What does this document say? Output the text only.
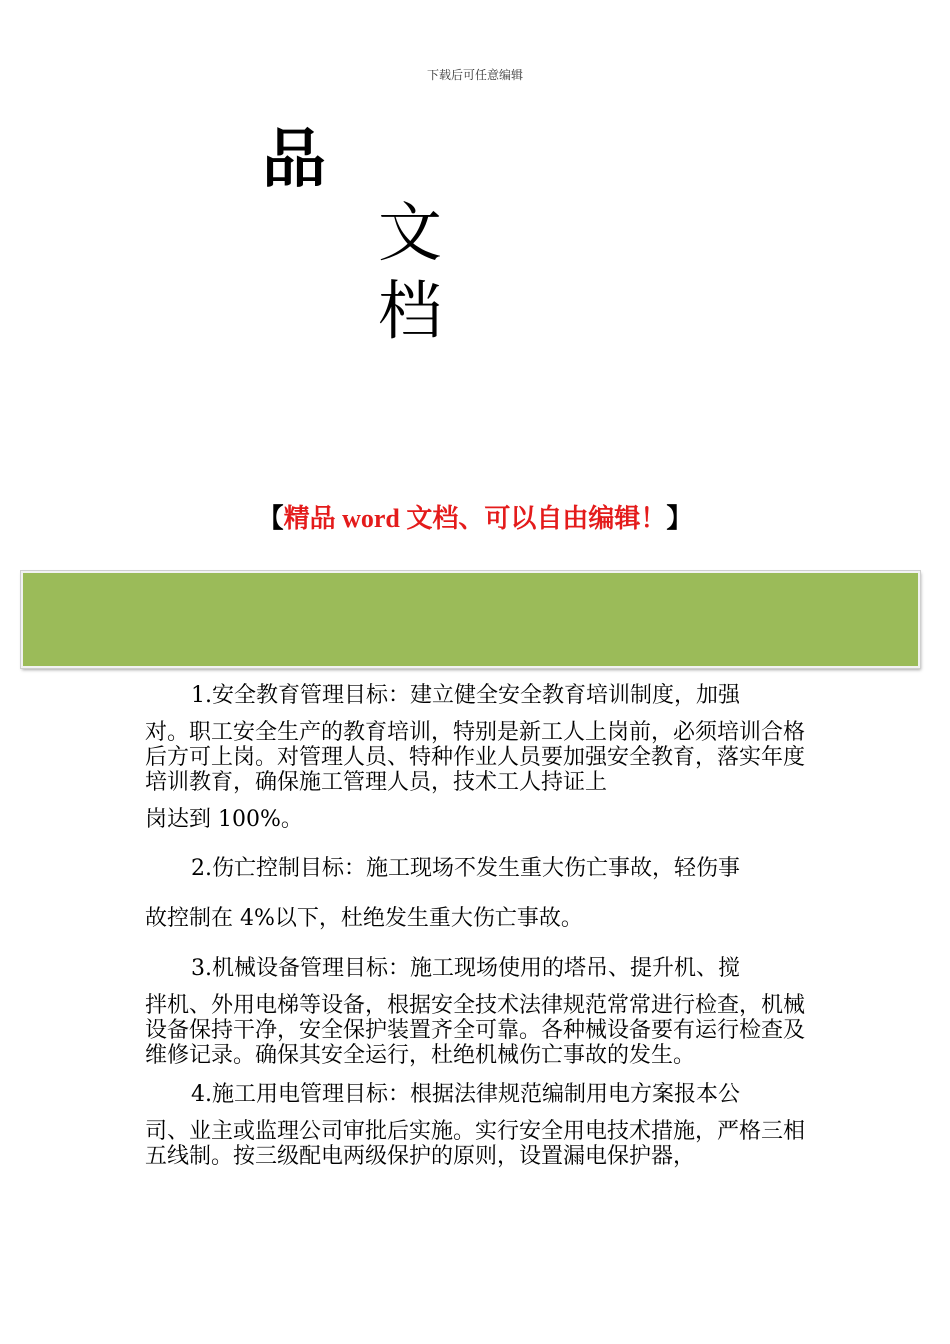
下载后可任意编辑
品
文
档
【精品 word 文档、可以自由编辑！】

1.安全教育管理目标：建立健全安全教育培训制度，加强

对。职工安全生产的教育培训，特别是新工人上岗前，必须培训合格后方可上岗。对管理人员、特种作业人员要加强安全教育，落实年度培训教育，确保施工管理人员，技术工人持证上

岗达到 100%。

2.伤亡控制目标：施工现场不发生重大伤亡事故，轻伤事

故控制在 4%以下，杜绝发生重大伤亡事故。

3.机械设备管理目标：施工现场使用的塔吊、提升机、搅

拌机、外用电梯等设备，根据安全技术法律规范常常进行检查，机械设备保持干净，安全保护装置齐全可靠。各种械设备要有运行检查及维修记录。确保其安全运行，杜绝机械伤亡事故的发生。

4.施工用电管理目标：根据法律规范编制用电方案报本公

司、业主或监理公司审批后实施。实行安全用电技术措施，严格三相五线制。按三级配电两级保护的原则，设置漏电保护器，
